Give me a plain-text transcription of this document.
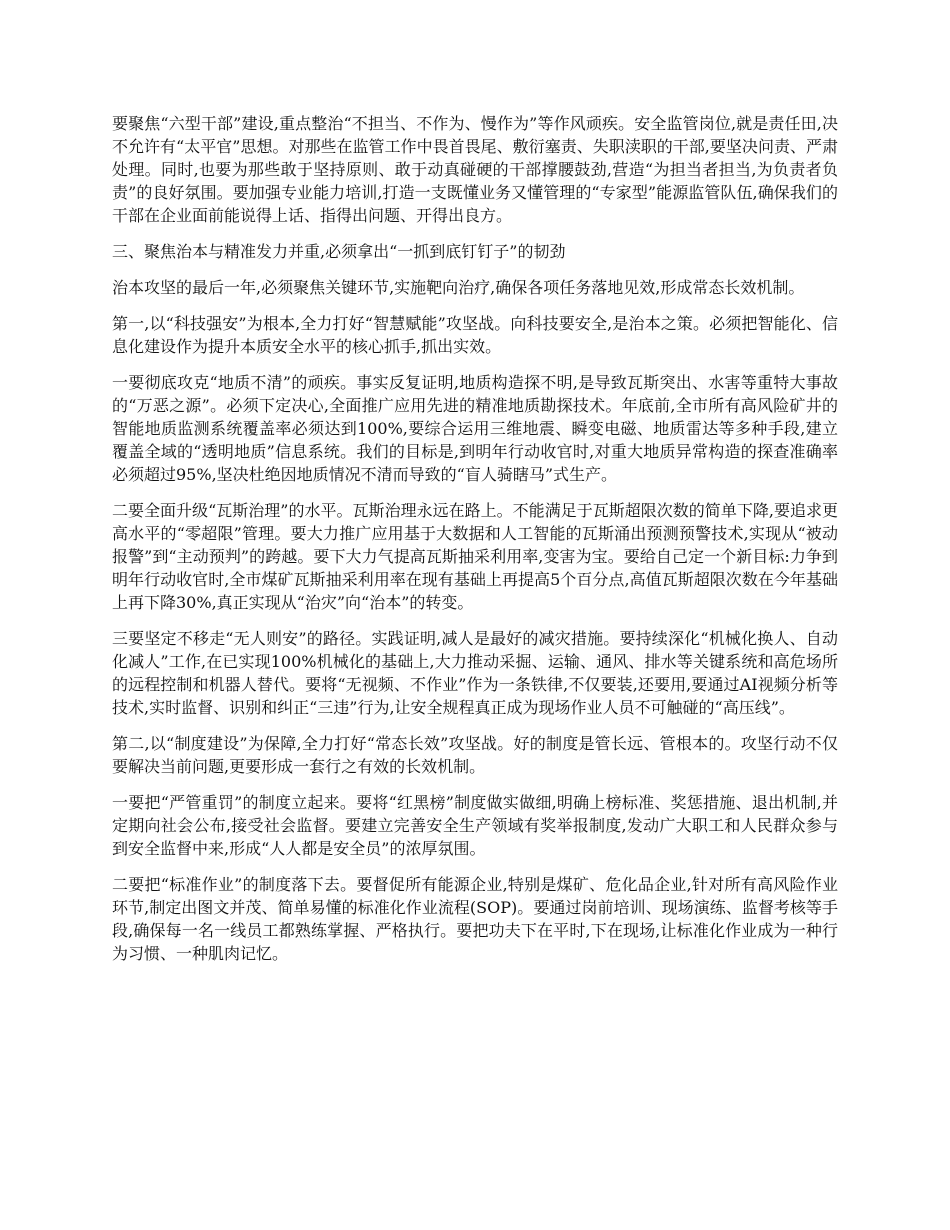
要聚焦“六型干部”建设,重点整治“不担当、不作为、慢作为”等作风顽疾。安全监管岗位,就是责任田,决不允许有“太平官”思想。对那些在监管工作中畏首畏尾、敷衍塞责、失职渎职的干部,要坚决问责、严肃处理。同时,也要为那些敢于坚持原则、敢于动真碰硬的干部撑腰鼓劲,营造“为担当者担当,为负责者负责”的良好氛围。要加强专业能力培训,打造一支既懂业务又懂管理的“专家型”能源监管队伍,确保我们的干部在企业面前能说得上话、指得出问题、开得出良方。

三、聚焦治本与精准发力并重,必须拿出“一抓到底钉钉子”的韧劲

治本攻坚的最后一年,必须聚焦关键环节,实施靶向治疗,确保各项任务落地见效,形成常态长效机制。

第一,以“科技强安”为根本,全力打好“智慧赋能”攻坚战。向科技要安全,是治本之策。必须把智能化、信息化建设作为提升本质安全水平的核心抓手,抓出实效。

一要彻底攻克“地质不清”的顽疾。事实反复证明,地质构造探不明,是导致瓦斯突出、水害等重特大事故的“万恶之源”。必须下定决心,全面推广应用先进的精准地质勘探技术。年底前,全市所有高风险矿井的智能地质监测系统覆盖率必须达到100%,要综合运用三维地震、瞬变电磁、地质雷达等多种手段,建立覆盖全域的“透明地质”信息系统。我们的目标是,到明年行动收官时,对重大地质异常构造的探查准确率必须超过95%,坚决杜绝因地质情况不清而导致的“盲人骑瞎马”式生产。

二要全面升级“瓦斯治理”的水平。瓦斯治理永远在路上。不能满足于瓦斯超限次数的简单下降,要追求更高水平的“零超限”管理。要大力推广应用基于大数据和人工智能的瓦斯涌出预测预警技术,实现从“被动报警”到“主动预判”的跨越。要下大力气提高瓦斯抽采利用率,变害为宝。要给自己定一个新目标:力争到明年行动收官时,全市煤矿瓦斯抽采利用率在现有基础上再提高5个百分点,高值瓦斯超限次数在今年基础上再下降30%,真正实现从“治灾”向“治本”的转变。

三要坚定不移走“无人则安”的路径。实践证明,减人是最好的减灾措施。要持续深化“机械化换人、自动化减人”工作,在已实现100%机械化的基础上,大力推动采掘、运输、通风、排水等关键系统和高危场所的远程控制和机器人替代。要将“无视频、不作业”作为一条铁律,不仅要装,还要用,要通过AI视频分析等技术,实时监督、识别和纠正“三违”行为,让安全规程真正成为现场作业人员不可触碰的“高压线”。

第二,以“制度建设”为保障,全力打好“常态长效”攻坚战。好的制度是管长远、管根本的。攻坚行动不仅要解决当前问题,更要形成一套行之有效的长效机制。

一要把“严管重罚”的制度立起来。要将“红黑榜”制度做实做细,明确上榜标准、奖惩措施、退出机制,并定期向社会公布,接受社会监督。要建立完善安全生产领域有奖举报制度,发动广大职工和人民群众参与到安全监督中来,形成“人人都是安全员”的浓厚氛围。

二要把“标准作业”的制度落下去。要督促所有能源企业,特别是煤矿、危化品企业,针对所有高风险作业环节,制定出图文并茂、简单易懂的标准化作业流程(SOP)。要通过岗前培训、现场演练、监督考核等手段,确保每一名一线员工都熟练掌握、严格执行。要把功夫下在平时,下在现场,让标准化作业成为一种行为习惯、一种肌肉记忆。
